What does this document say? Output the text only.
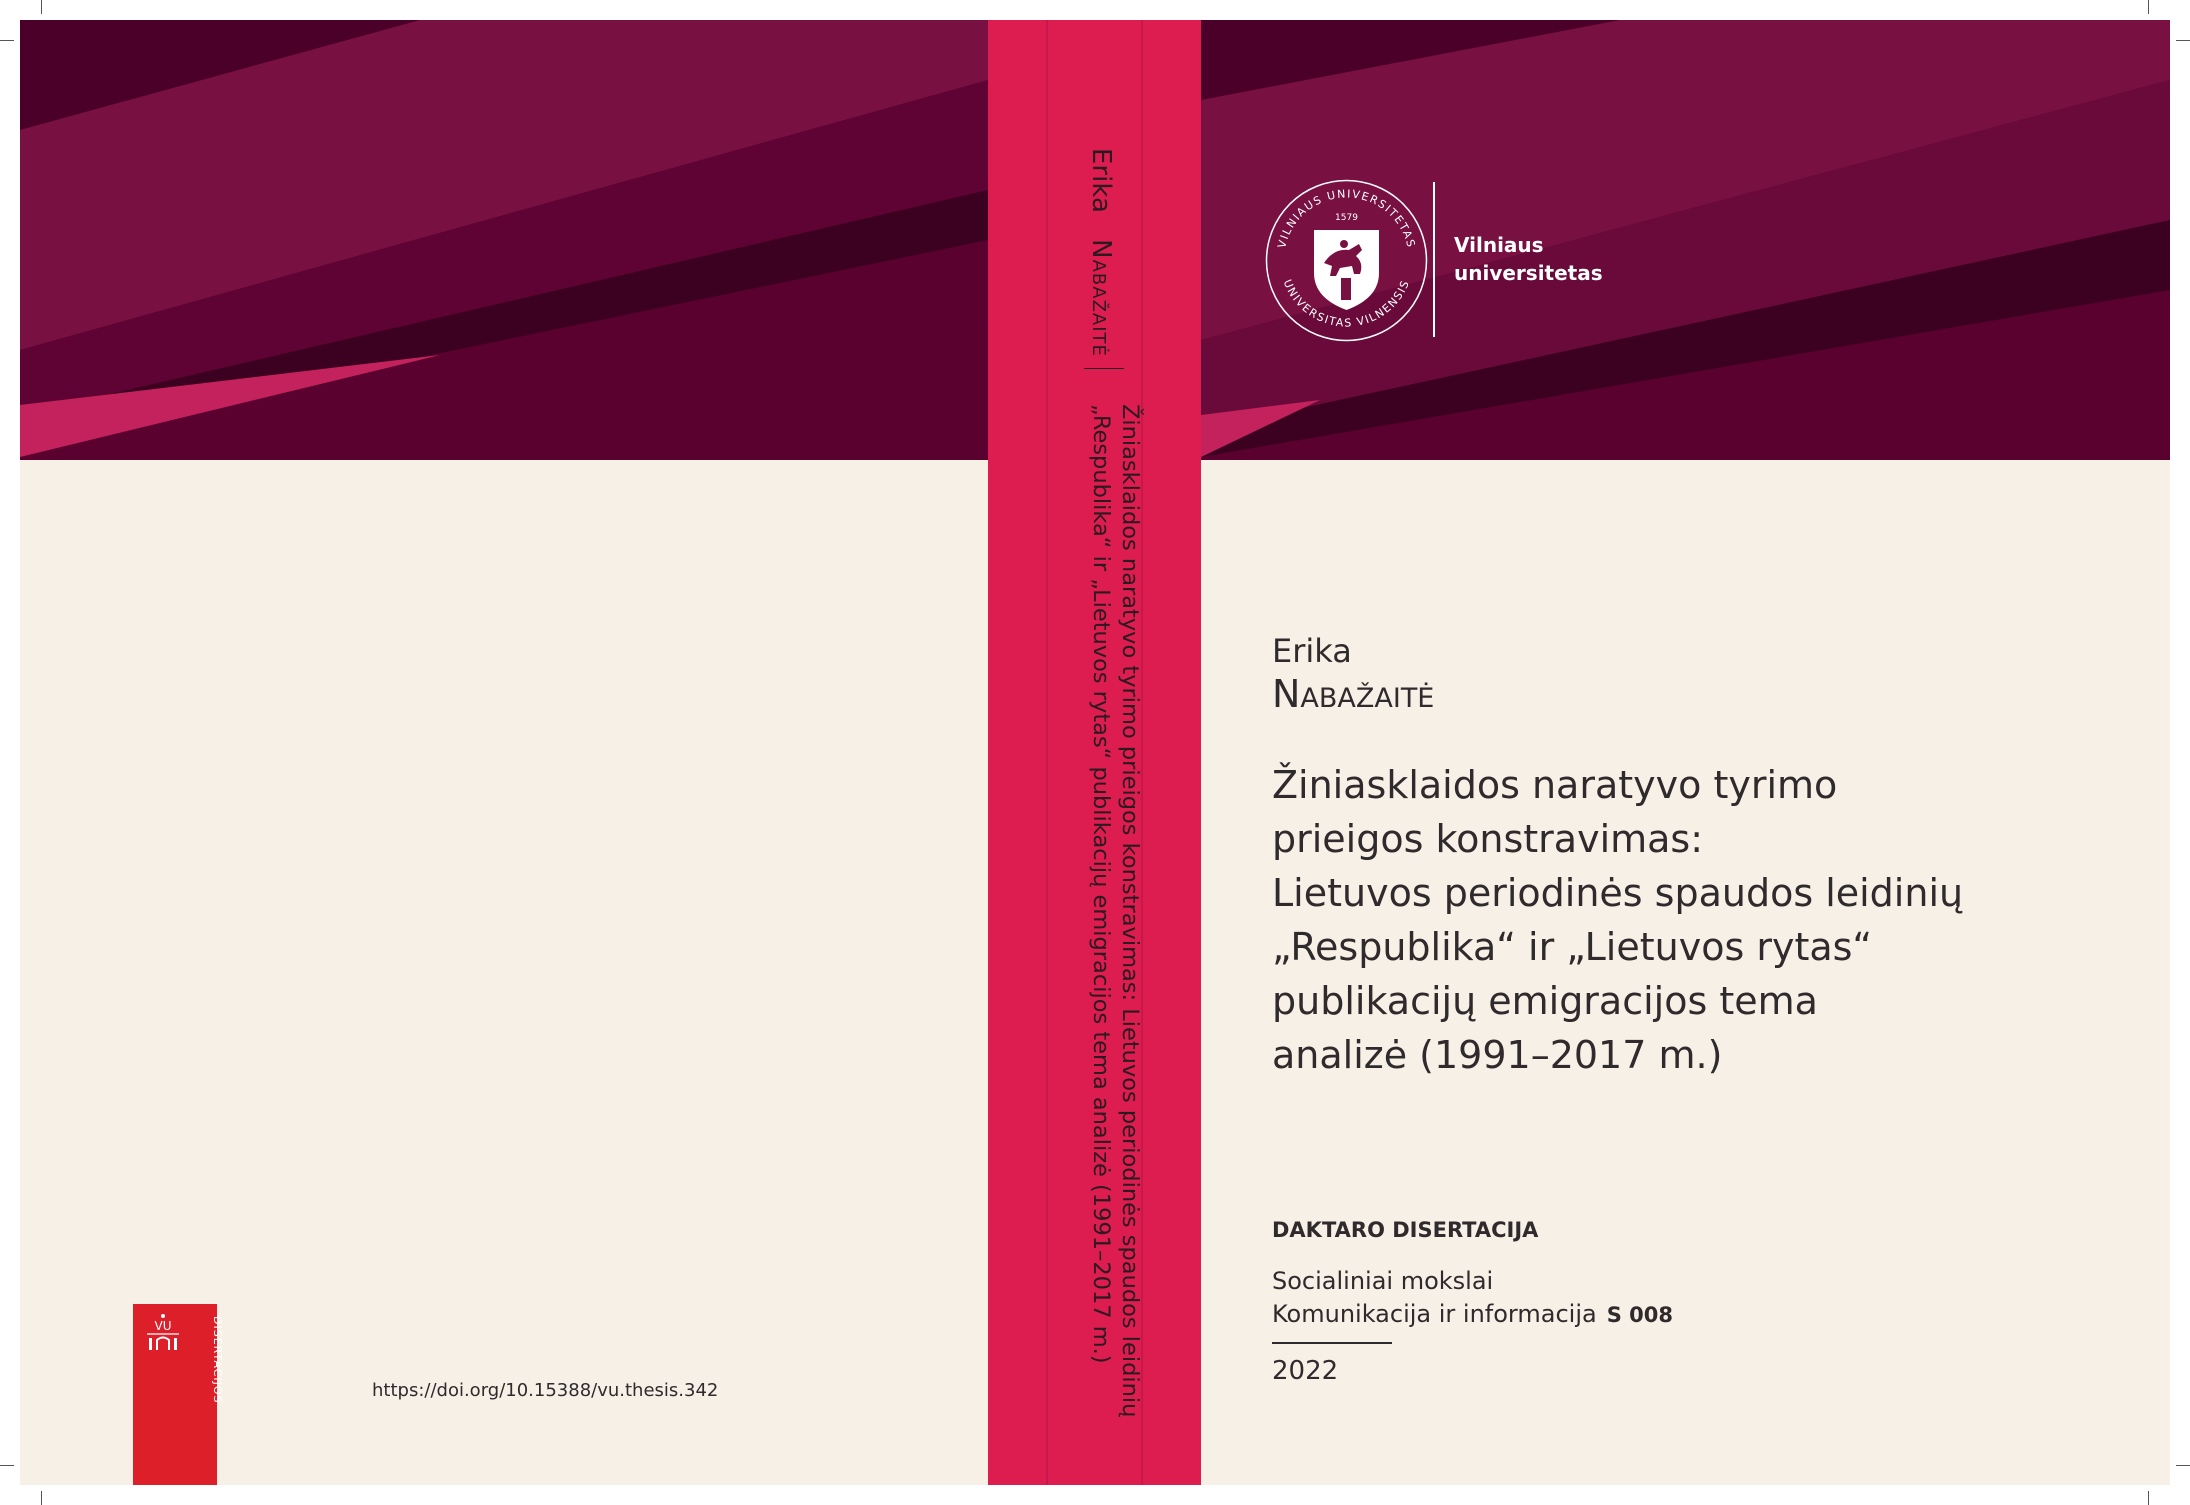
Erika Nabažaitė
Žiniasklaidos naratyvo tyrimo prieigos konstravimas: Lietuvos periodinės spaudos leidinių
„Respublika“ ir „Lietuvos rytas“ publikacijų emigracijos tema analizė (1991–2017 m.)
VILNIAUS UNIVERSITETAS
UNIVERSITAS VILNENSIS
1579
Vilniaus
universitetas
Erika
Nabažaitė
Žiniasklaidos naratyvo tyrimo
prieigos konstravimas:
Lietuvos periodinės spaudos leidinių
„Respublika“ ir „Lietuvos rytas“
publikacijų emigracijos tema
analizė (1991–2017 m.)
DAKTARO DISERTACIJA
Socialiniai mokslai
Komunikacija ir informacija S 008
2022
https://doi.org/10.15388/vu.thesis.342
VU	DISERTACIJOS
